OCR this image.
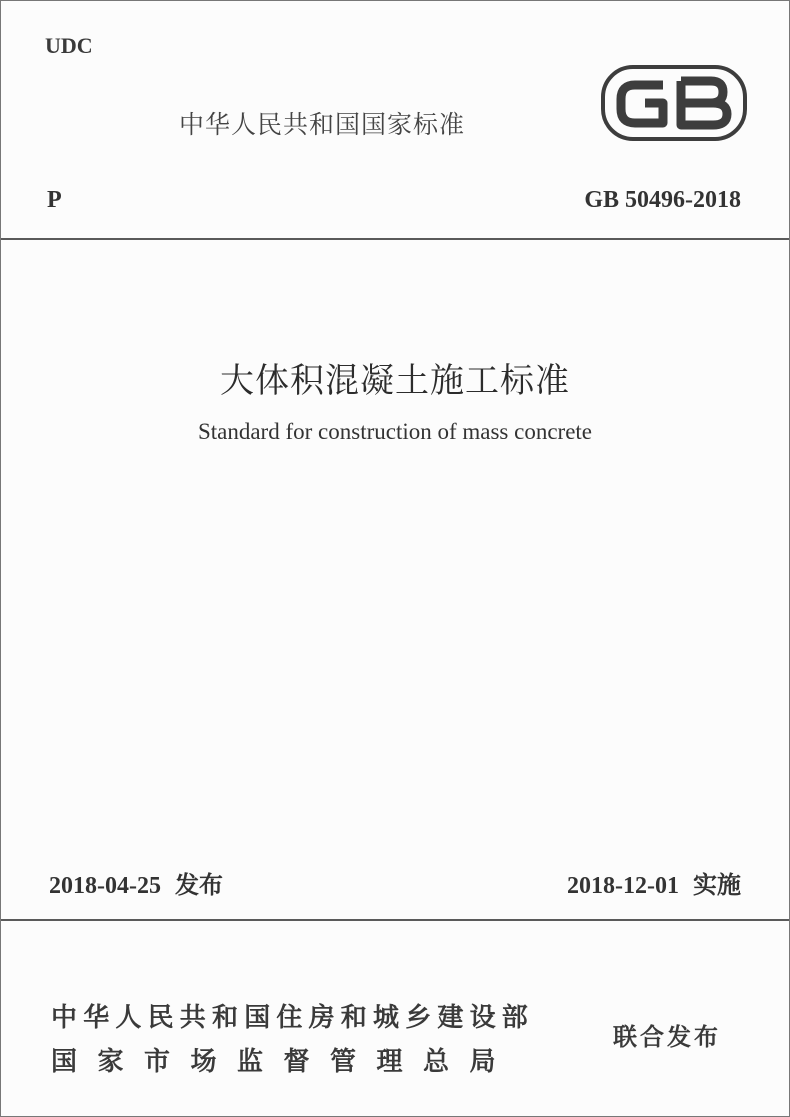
UDC
中华人民共和国国家标准
P	GB 50496-2018
大体积混凝土施工标准
Standard for construction of mass concrete
2018-04-25 发布	2018-12-01 实施
中华人民共和国住房和城乡建设部
国家市场监督管理总局
联合发布
